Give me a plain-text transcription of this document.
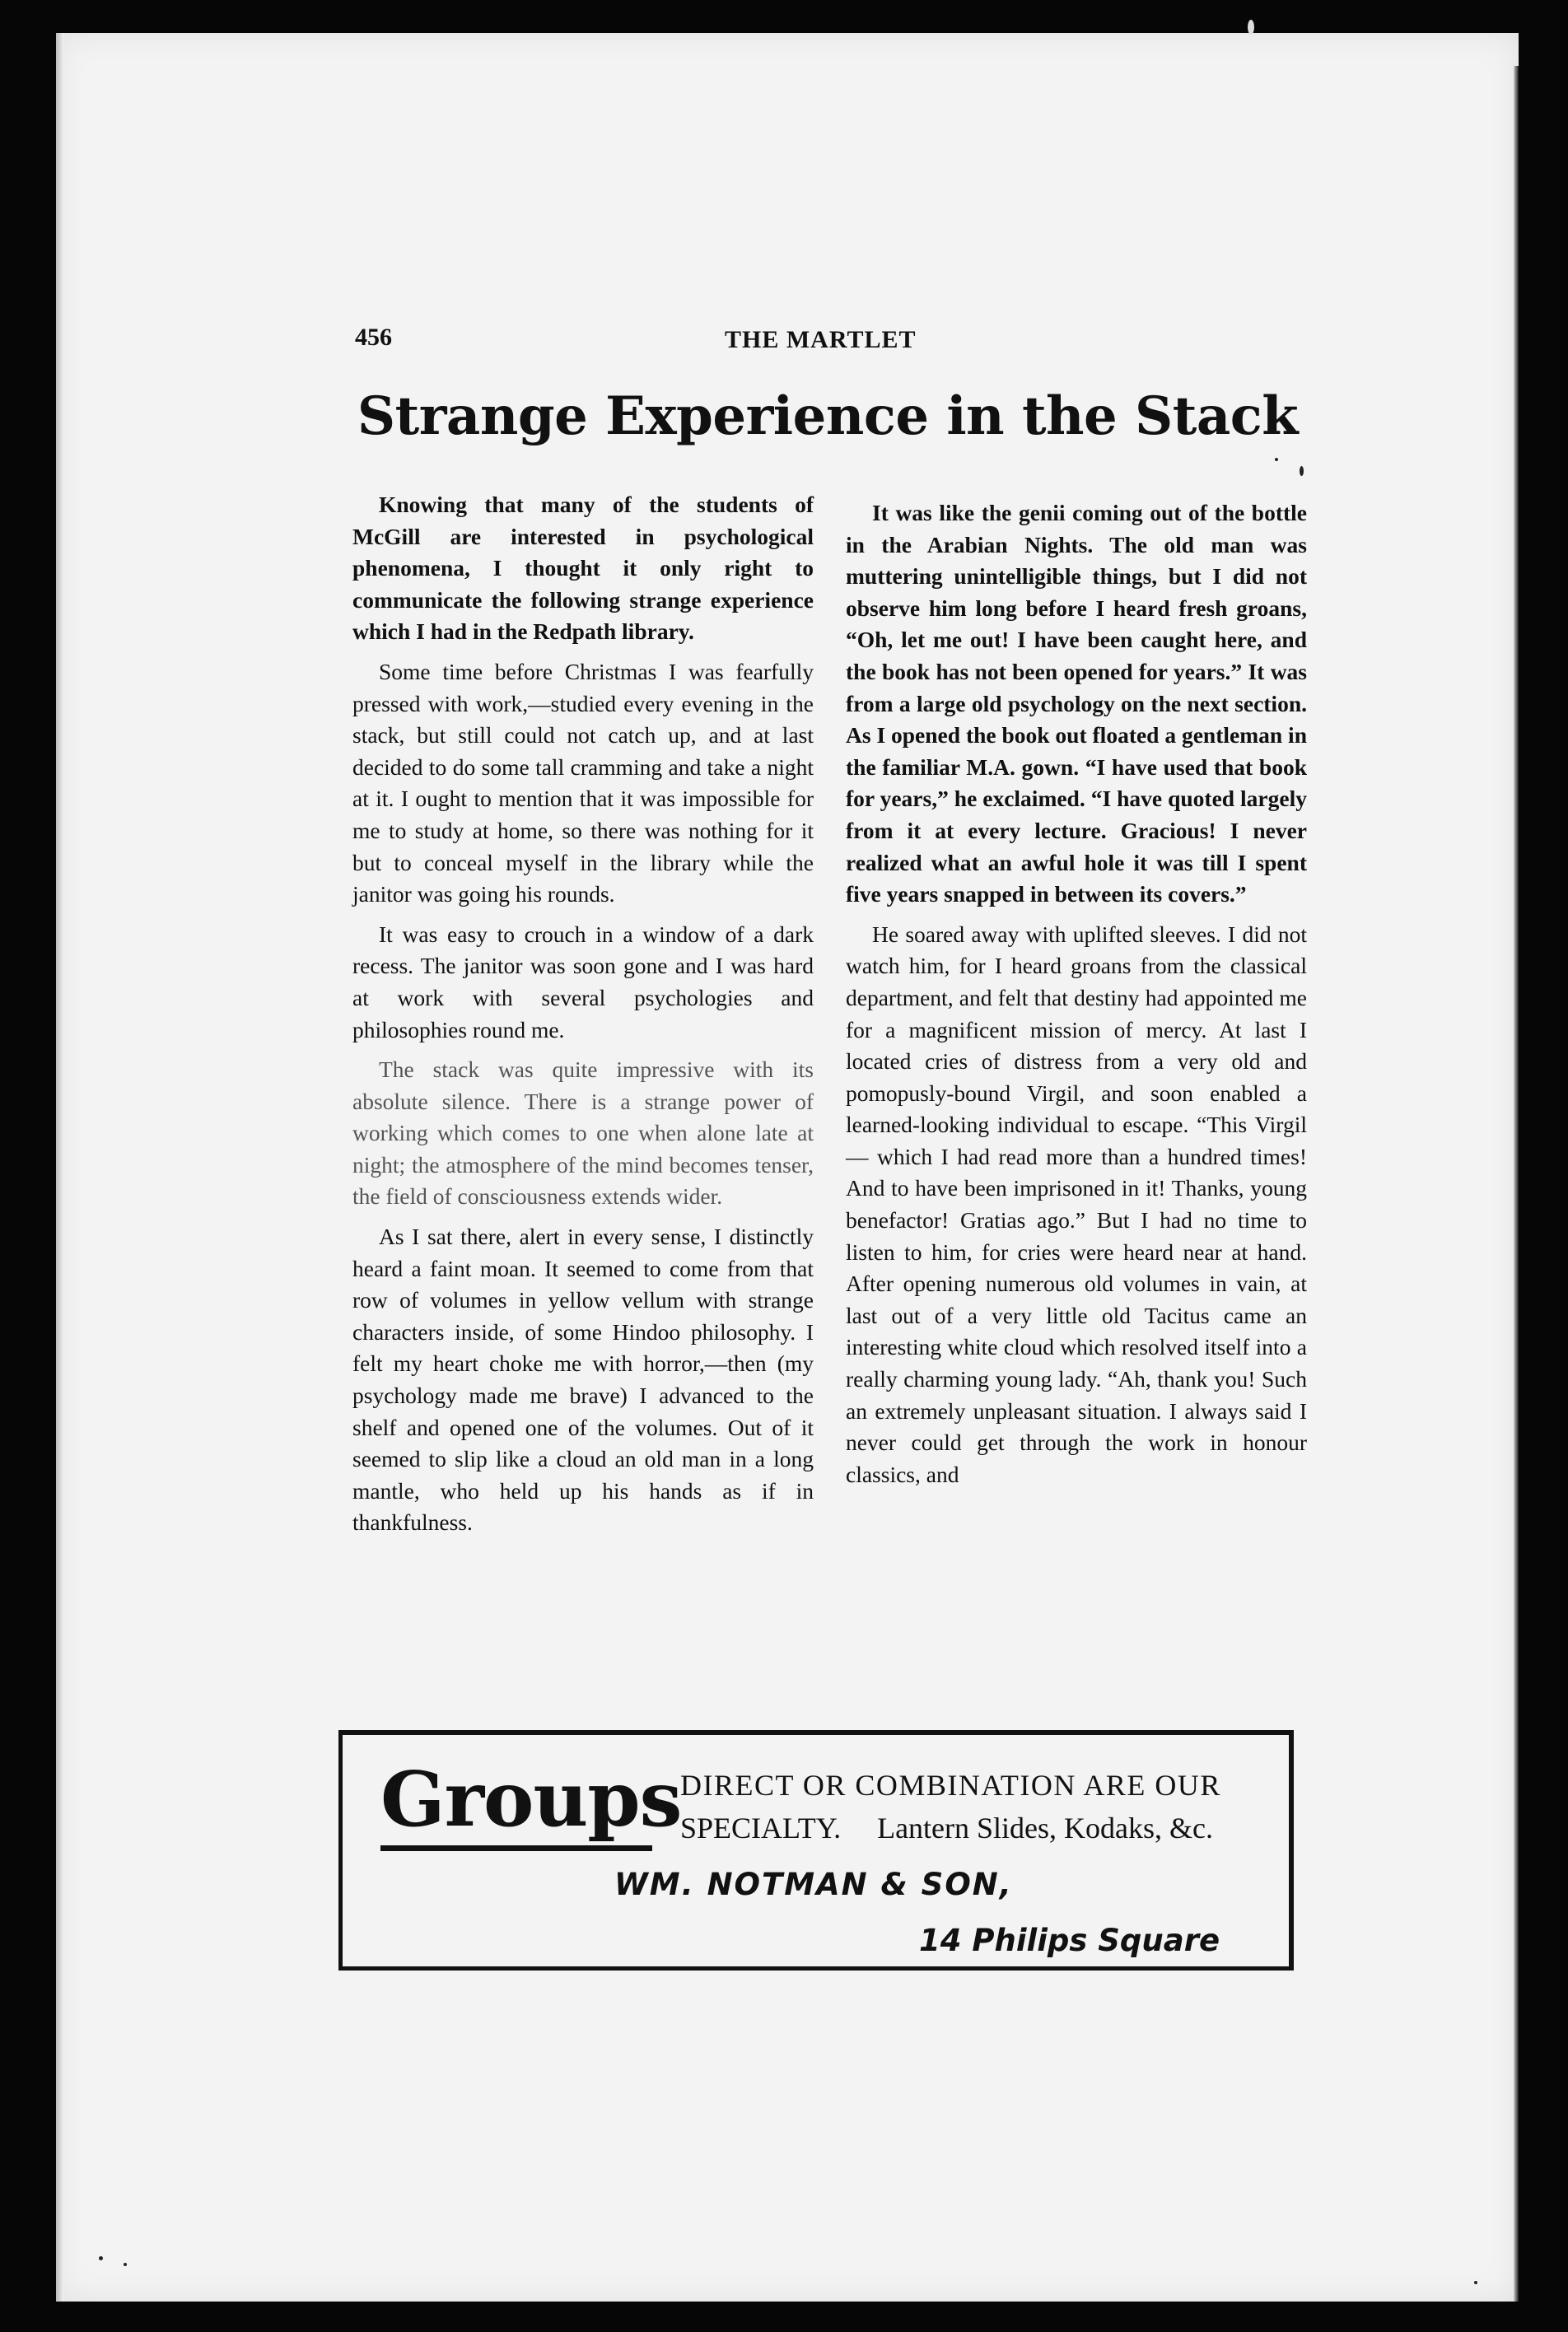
456	THE MARTLET
Strange Experience in the Stack

Knowing that many of the students of McGill are interested in psychological phenomena, I thought it only right to communicate the following strange experience which I had in the Redpath library.

Some time before Christmas I was fearfully pressed with work,—studied every evening in the stack, but still could not catch up, and at last decided to do some tall cramming and take a night at it. I ought to mention that it was impossible for me to study at home, so there was nothing for it but to conceal myself in the library while the janitor was going his rounds.

It was easy to crouch in a window of a dark recess. The janitor was soon gone and I was hard at work with several psychologies and philosophies round me.

The stack was quite impressive with its absolute silence. There is a strange power of working which comes to one when alone late at night; the atmosphere of the mind becomes tenser, the field of consciousness extends wider.

As I sat there, alert in every sense, I distinctly heard a faint moan. It seemed to come from that row of volumes in yellow vellum with strange characters inside, of some Hindoo philosophy. I felt my heart choke me with horror,—then (my psychology made me brave) I advanced to the shelf and opened one of the volumes. Out of it seemed to slip like a cloud an old man in a long mantle, who held up his hands as if in thankfulness.

It was like the genii coming out of the bottle in the Arabian Nights. The old man was muttering unintelligible things, but I did not observe him long before I heard fresh groans, “Oh, let me out! I have been caught here, and the book has not been opened for years.” It was from a large old psychology on the next section. As I opened the book out floated a gentleman in the familiar M.A. gown. “I have used that book for years,” he exclaimed. “I have quoted largely from it at every lecture. Gracious! I never realized what an awful hole it was till I spent five years snapped in between its covers.”

He soared away with uplifted sleeves. I did not watch him, for I heard groans from the classical department, and felt that destiny had appointed me for a magnificent mission of mercy. At last I located cries of distress from a very old and pomopusly-bound Virgil, and soon enabled a learned-looking individual to escape. “This Virgil — which I had read more than a hundred times! And to have been imprisoned in it! Thanks, young benefactor! Gratias ago.” But I had no time to listen to him, for cries were heard near at hand. After opening numerous old volumes in vain, at last out of a very little old Tacitus came an interesting white cloud which resolved itself into a really charming young lady. “Ah, thank you! Such an extremely unpleasant situation. I always said I never could get through the work in honour classics, and

Groups
DIRECT OR COMBINATION ARE OUR
SPECIALTY. Lantern Slides, Kodaks, &c.
WM. NOTMAN & SON,
14 Philips Square
